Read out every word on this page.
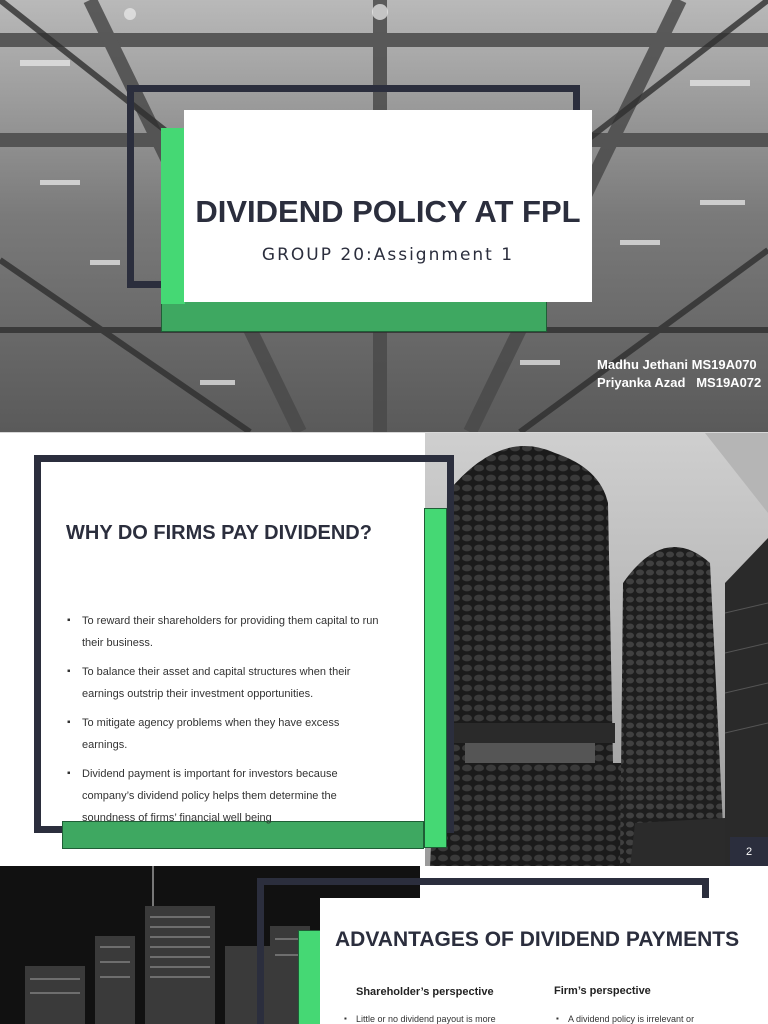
DIVIDEND POLICY AT FPL
GROUP 20:Assignment 1
Madhu Jethani MS19A070
Priyanka Azad   MS19A072
WHY DO FIRMS PAY DIVIDEND?
▪ To reward their shareholders for providing them capital to run their business.
▪ To balance their asset and capital structures when their earnings outstrip their investment opportunities.
▪ To mitigate agency problems when they have excess earnings.
▪ Dividend payment is important for investors because company’s dividend policy helps them determine the soundness of firms’ financial well being
2
ADVANTAGES OF DIVIDEND PAYMENTS
Shareholder’s perspective	Firm’s perspective
▪ Little or no dividend payout is more
▪	A dividend policy is irrelevant or
